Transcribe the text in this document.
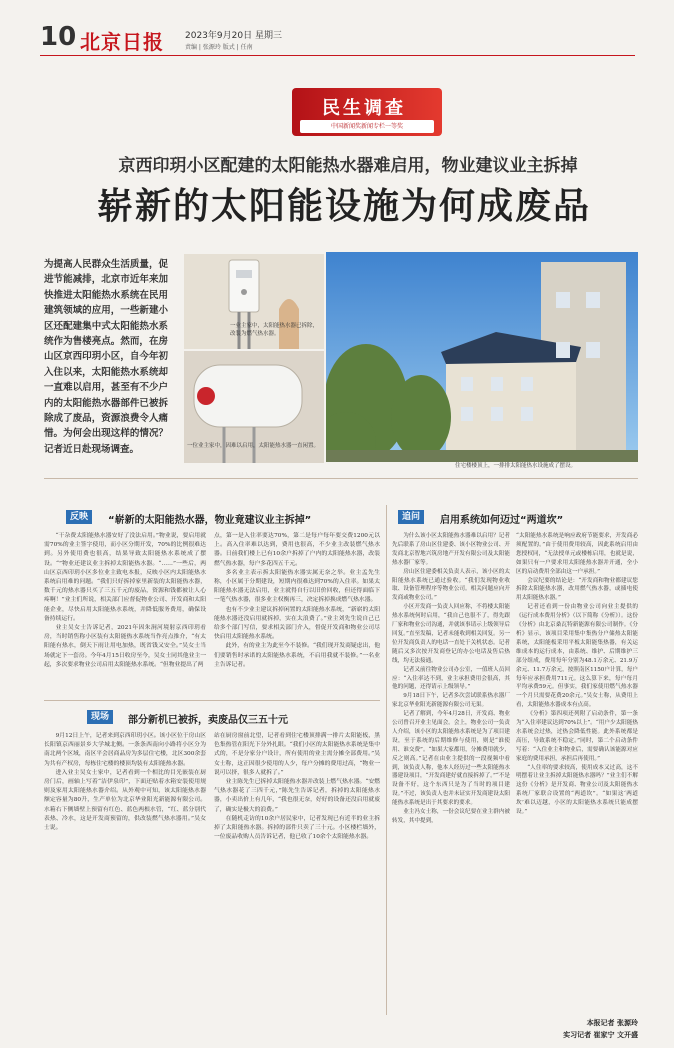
10 北京日报 2023年9月20日 星期三
责编 | 张源玲 版式 | 任南
民生调查
中国新闻奖新闻专栏一等奖
京西印玥小区配建的太阳能热水器难启用，物业建议业主拆掉
崭新的太阳能设施为何成废品
为提高人民群众生活质量，促进节能减排，北京市近年来加快推进太阳能热水系统在民用建筑领域的应用，一些新建小区还配建集中式太阳能热水系统作为售楼亮点。然而，在房山区京西印玥小区，自今年初入住以来，太阳能热水系统却一直难以启用，甚至有不少户内的太阳能热水器部件已被拆除成了废品，资源浪费令人痛惜。为何会出现这样的情况？记者近日赴现场调查。
一业主家中，太阳能热水器已拆除，改装为燃气热水器。
一位业主家中，因难以启用，太阳能热水器一直闲置。
住宅楼楼顶上，一排排太阳能热水设施成了摆设。
反映	“崭新的太阳能热水器，物业竟建议业主拆掉”

“干杂费太阳能热水器安好了没法启用。”物业说，要启用就需70%的业主签字使用，而小区分期开发，70%的比例很难达到。另外使用费也很高，结果导致太阳能热水系统成了摆设。“”物业还建议业主拆掉太阳能热水器。“……”一些后，两山区京西印玥小区多位业主致电本报，反映小区内太阳能热水系统启用难的问题。“我们只好拆掉家里新装的太阳能热水器，数千元的热水器只买了三五千元的废品，资源和钱都被让人心疼啊！”业主们所说，相关部门应督促物业公司、开发商和太阳能企业，尽快启用太阳能热水系统，并降低服务费用，确保设备持续运行。

业主吴女士告诉记者，2021年因朱涧河境射京西印玥看房，当时销售称小区装有太阳能热水系统当作亮点推介，“有太阳能有热水，倒天下雨让用电加热，既省钱又安全。”吴女士当场就定下一套房。今年4月15日收房至今，吴女士同其他业主一起，多次要求物业公司启用太阳能热水系统。“但物业提出了两

点，第一是入住率要达70%，第二是每户每年要交费1200元以上。高入住率难以达到，费用也很高，不少业主改装燃气热水器。日前我们楼上已有10余户拆掉了户内的太阳能热水器，改装燃气热水器，每户多花四五千元。

多名业主表示拆太阳能热水器实属无奈之举。业主孟先生称，小区属于分期建设，短期内很难达到70%的入住率。如果太阳能热水器无法启用，业主就得自行以旧价回收，但还得面临下一笔气热水器，很多业主权衡再三，决定拆掉换成燃气热水器。

也有不少业主建议拆掉闲置的太阳能热水系统，“新崭的太阳能热水器还没启用就拆掉，实在太浪费了。”业主刘先生说自己已给多个部门写信，要求相关部门介入，督促开发商和物业公司尽快启用太阳能热水系统。

此外，有的业主为此至今不装修。“我们现开发商疑虑出，他们要销售时承诺的太阳能热水系统，不启用我就不装修。”一名业主告诉记者。

现场	部分新机已被拆，卖废品仅三五十元

9月12日上午，记者来到京西印玥小区。该小区位于房山区长阳镇京西丽景乡大学城北侧。一条条西南向小路将小区分为南北两个区域，南区平会居商品房为多层住宅楼，北区300余套为共有产权房，每栋住宅楼的楼顶均装有太阳能热水器。

进入业主吴女士家中，记者看到一个相比的目光嵌装在厨房门后，画轴上写着“洁伊泉印”，下面还贴着水箱安装使用规则及家用太阳能热水器介绍。从外观中可知，该太阳能热水器额定容量为80升，生产单位为北京华业阳光新能源有限公司。水箱右下侧墙壁上预留有红色、蓝色两根水管，“红、蓝分别代表热、冷水，这是开发商预留的，供改装燃气热水器用。”吴女士说。

站在厨房窗前北望，记者看到住宅楼顶排满一排片太阳能板，黑色集热管在阳光下分外扎眼。“我们小区的太阳能热水系统是集中式的，不是分家分户设计，所有使用的业主需分摊全部费用。”吴女士称，这正因很少使用的人少，每户分摊的费用过高，“物业一说可以挤，很多人就拆了。”

业主陈先生已拆掉太阳能热水器并改装上燃气热水器。“安燃气热水器花了三四千元，”陈先生告诉记者，拆掉的太阳能热水器，小卖出价上有几年，“我也很无奈，好好的设备还没启用就废了，确实是极大的浪费。”

在随机走访的10余户居民家中，记者发现已有近半的业主拆掉了太阳能热水器。拆掉的部件只卖了三十元。小区楼栏墙外，一位废品收购人员告诉记者，他已收了10余个太阳能热水器。

追问	启用系统如何迈过“两道坎”

为什么该小区太阳能热水器难以启用？记者先后联系了房山区住建委、该小区物业公司、开发商北京智地兴筑房地产开发有限公司及太阳能热水器厂家等。

房山区住建委相关负责人表示，该小区的太阳能热水系统已通过验收。“我们发现物业收取、设备管理程序等物业公司。相关问题应向开发商或物业公司。”

小区开发商一负责人回应称，不将楼太阳能热水系统何时启用，“我自己也很不了，得先跟厂家和物业公司沟通，并就该事请示上级领导后回复。”直至发稿，记者未能收到相关回复。另一位开发商负责人的电话一直处于关机状态。记者随后又多次按开发商登记的办公电话及售后热线，均无法接通。

记者又前往物业公司办公室，一值班人员回应：“入住率达不到，业主承担费用会很高，其他的问题，还得请示上级领导。”

9月18日下午，记者多次尝试联系热水器厂家北京华业阳光新能源有限公司无果。

记者了解到，今年4月28日，开发商、物业公司曾召开业主见面会。会上，物业公司一负责人介绍，该小区的太阳能热水系统是为了项目建设，至于系统的后期维修与使用，则是“谁使用、谁交费”。“如果大家都用，分摊费用就少，反之则高。”记者在由业主提供的一段视频中看到，该负责人称，他本人经历过一些太阳能热水器建设项目，“开发商建好就直接拆掉了。”“不是设备不好，这个东西只是为了当时的项目建设。”不过，该负责人也并未证实开发商建设太阳能热水系统是出于其要求的要求。

业主冯女士称，一份会议纪要在业主群内被转发，其中提到，

“太阳能热水系统是响应政府节能要求，开发商必须配置的。”由于使用费用较高，因此系统启用由您授权同，“无法授单元或楼栋启用，也就是说，如果只有一户要求用太阳能热水器并开通，全小区的启动费用全部由这一户承担。”

会议纪要的结论是：“开发商和物业都建议您拆除太阳能热水器，改用燃气热水器，或插电使用太阳能热水器。”

记者还看到一份由物业公司向业主提供的《运行成本费用分析》（以下简称《分析》）。这份《分析》由北京桑瓦特新能源有限公司制作。《分析》显示，该项目采用集中集热分户储热太阳能系统，太阳能板采用平板太阳能集热器，有关运维成本的运行成本，由系统、维护、后期维护三部分组成，费用每年分别为48.1万余元、21.9万余元、11.7万余元，按照南区1150户计算，每户每年应承担费用711元。这么算下来，每户每月平均承费59元。但事实，我们家使用燃气热水器一个月只需要花费20余元。”吴女士称，从费用上看，太阳能热水器成本有点高。

《分析》第四项还列附了启动条件，第一条为“入住率建议达到70%以上”。“用户少太阳能热水系统会过热，过热会降低性能。此外系统都是高压，导致系统不稳定。”同时，第二个启动条件写着：“入住业主和物业后，需要确认该能源对应家庭的费用承担，承担后再使用。”

“人住率的要求较高，使用成本又过高，这不明摆着让业主拆掉太阳能热水器吗？”业主们不解这份《分析》是开发商、物业公司及太阳能热水系统厂家联合设置的“两道坎”。“如果这‘两道坎’难以迈越，小区的太阳能热水系统只能成摆设。”

本报记者 张源玲
实习记者 崔家宁 文开盛
